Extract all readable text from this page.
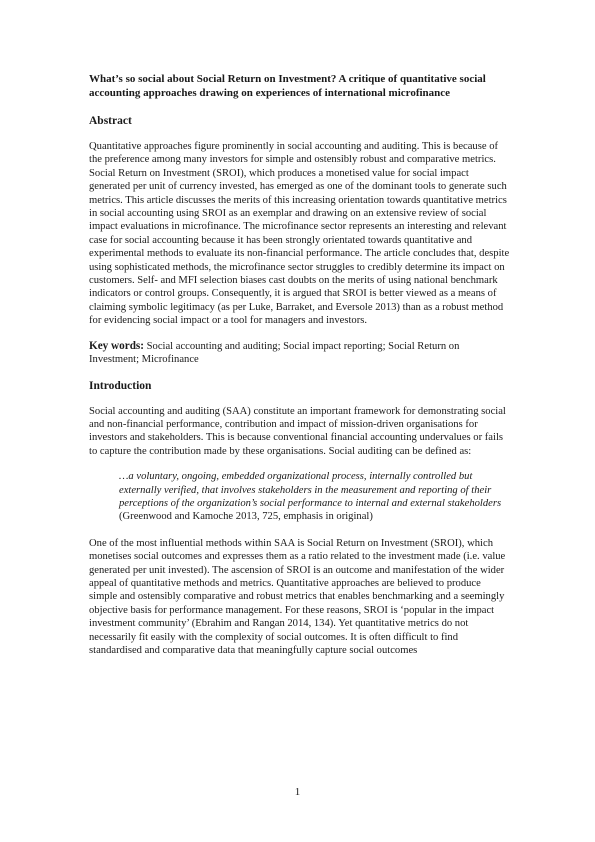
What’s so social about Social Return on Investment? A critique of quantitative social accounting approaches drawing on experiences of international microfinance
Abstract

Quantitative approaches figure prominently in social accounting and auditing. This is because of the preference among many investors for simple and ostensibly robust and comparative metrics. Social Return on Investment (SROI), which produces a monetised value for social impact generated per unit of currency invested, has emerged as one of the dominant tools to generate such metrics. This article discusses the merits of this increasing orientation towards quantitative metrics in social accounting using SROI as an exemplar and drawing on an extensive review of social impact evaluations in microfinance. The microfinance sector represents an interesting and relevant case for social accounting because it has been strongly orientated towards quantitative and experimental methods to evaluate its non-financial performance. The article concludes that, despite using sophisticated methods, the microfinance sector struggles to credibly determine its impact on customers. Self- and MFI selection biases cast doubts on the merits of using national benchmark indicators or control groups. Consequently, it is argued that SROI is better viewed as a means of claiming symbolic legitimacy (as per Luke, Barraket, and Eversole 2013) than as a robust method for evidencing social impact or a tool for managers and investors.

Key words: Social accounting and auditing; Social impact reporting; Social Return on Investment; Microfinance

Introduction

Social accounting and auditing (SAA) constitute an important framework for demonstrating social and non-financial performance, contribution and impact of mission-driven organisations for investors and stakeholders. This is because conventional financial accounting undervalues or fails to capture the contribution made by these organisations. Social auditing can be defined as:

…a voluntary, ongoing, embedded organizational process, internally controlled but externally verified, that involves stakeholders in the measurement and reporting of their perceptions of the organization’s social performance to internal and external stakeholders (Greenwood and Kamoche 2013, 725, emphasis in original)

One of the most influential methods within SAA is Social Return on Investment (SROI), which monetises social outcomes and expresses them as a ratio related to the investment made (i.e. value generated per unit invested). The ascension of SROI is an outcome and manifestation of the wider appeal of quantitative methods and metrics. Quantitative approaches are believed to produce simple and ostensibly comparative and robust metrics that enables benchmarking and a seemingly objective basis for performance management. For these reasons, SROI is ‘popular in the impact investment community’ (Ebrahim and Rangan 2014, 134). Yet quantitative metrics do not necessarily fit easily with the complexity of social outcomes. It is often difficult to find standardised and comparative data that meaningfully capture social outcomes

1
